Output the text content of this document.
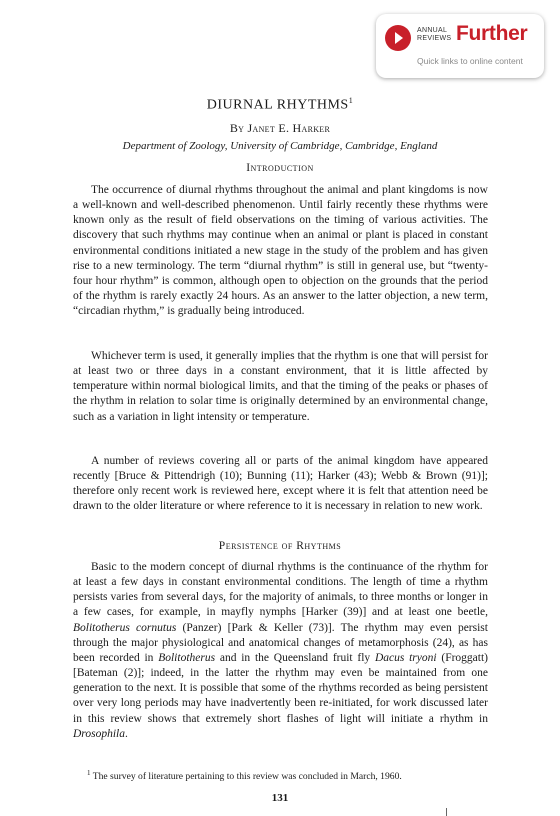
ANNUAL
REVIEWS Further
Quick links to online content
DIURNAL RHYTHMS$^1$
By Janet E. Harker
Department of Zoology, University of Cambridge, Cambridge, England
Introduction

The occurrence of diurnal rhythms throughout the animal and plant kingdoms is now a well-known and well-described phenomenon. Until fairly recently these rhythms were known only as the result of field observations on the timing of various activities. The discovery that such rhythms may continue when an animal or plant is placed in constant environmental conditions initiated a new stage in the study of the problem and has given rise to a new terminology. The term “diurnal rhythm” is still in general use, but “twenty-four hour rhythm” is common, although open to objection on the grounds that the period of the rhythm is rarely exactly 24 hours. As an answer to the latter objection, a new term, “circadian rhythm,” is gradually being introduced.

Whichever term is used, it generally implies that the rhythm is one that will persist for at least two or three days in a constant environment, that it is little affected by temperature within normal biological limits, and that the timing of the peaks or phases of the rhythm in relation to solar time is originally determined by an environmental change, such as a variation in light intensity or temperature.

A number of reviews covering all or parts of the animal kingdom have appeared recently [Bruce & Pittendrigh (10); Bunning (11); Harker (43); Webb & Brown (91)]; therefore only recent work is reviewed here, except where it is felt that attention need be drawn to the older literature or where reference to it is necessary in relation to new work.

Persistence of Rhythms

Basic to the modern concept of diurnal rhythms is the continuance of the rhythm for at least a few days in constant environmental conditions. The length of time a rhythm persists varies from several days, for the majority of animals, to three months or longer in a few cases, for example, in mayfly nymphs [Harker (39)] and at least one beetle, Bolitotherus cornutus (Panzer) [Park & Keller (73)]. The rhythm may even persist through the major physiological and anatomical changes of metamorphosis (24), as has been recorded in Bolitotherus and in the Queensland fruit fly Dacus tryoni (Froggatt) [Bateman (2)]; indeed, in the latter the rhythm may even be maintained from one generation to the next. It is possible that some of the rhythms recorded as being persistent over very long periods may have inadvertently been re-initiated, for work discussed later in this review shows that extremely short flashes of light will initiate a rhythm in Drosophila.

$^1$ The survey of literature pertaining to this review was concluded in March, 1960.

131
